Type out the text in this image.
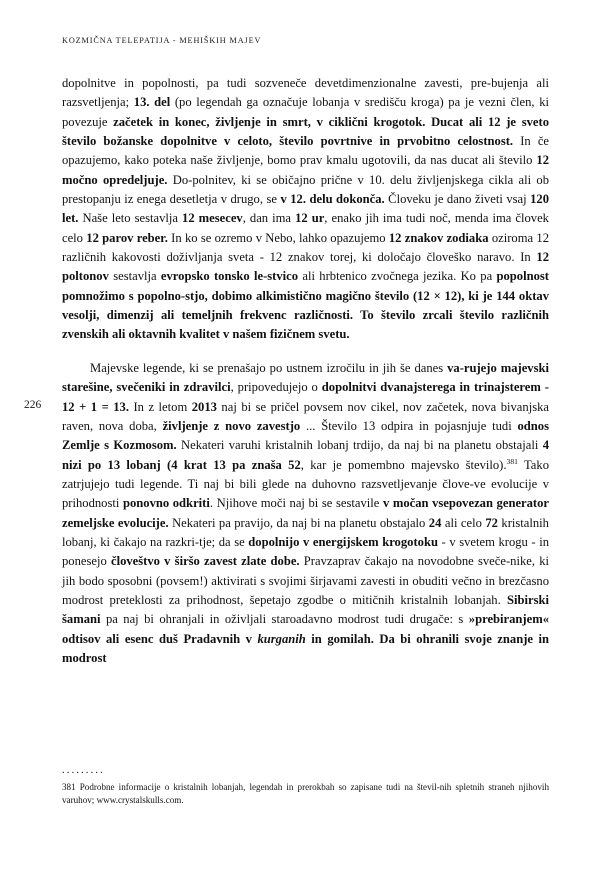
KOZMIČNA TELEPATIJA - MEHIŠKIH MAJEV
226

dopolnitve in popolnosti, pa tudi sozveneče devetdimenzionalne zavesti, pre-bujenja ali razsvetljenja; 13. del (po legendah ga označuje lobanja v središču kroga) pa je vezni člen, ki povezuje začetek in konec, življenje in smrt, v ciklični krogotok. Ducat ali 12 je sveto število božanske dopolnitve v celoto, število povrtnive in prvobitno celostnost. In če opazujemo, kako poteka naše življenje, bomo prav kmalu ugotovili, da nas ducat ali število 12 močno opredeljuje. Do-polnitev, ki se običajno prične v 10. delu življenjskega cikla ali ob prestopanju iz enega desetletja v drugo, se v 12. delu dokonča. Človeku je dano živeti vsaj 120 let. Naše leto sestavlja 12 mesecev, dan ima 12 ur, enako jih ima tudi noč, menda ima človek celo 12 parov reber. In ko se ozremo v Nebo, lahko opazujemo 12 znakov zodiaka oziroma 12 različnih kakovosti doživljanja sveta - 12 znakov torej, ki določajo človeško naravo. In 12 poltonov sestavlja evropsko tonsko le-stvico ali hrbtenico zvočnega jezika. Ko pa popolnost pomnožimo s popolno-stjo, dobimo alkimistično magično število (12 × 12), ki je 144 oktav vesolji, dimenzij ali temeljnih frekvenc različnosti. To število zrcali število različnih zvenskih ali oktavnih kvalitet v našem fizičnem svetu.

Majevske legende, ki se prenašajo po ustnem izročilu in jih še danes va-rujejo majevski starešine, svečeniki in zdravilci, pripovedujejo o dopolnitvi dvanajsterega in trinajsterem - 12 + 1 = 13. In z letom 2013 naj bi se pričel povsem nov cikel, nov začetek, nova bivanjska raven, nova doba, življenje z novo zavestjo ... Število 13 odpira in pojasnjuje tudi odnos Zemlje s Kozmosom. Nekateri varuhi kristalnih lobanj trdijo, da naj bi na planetu obstajali 4 nizi po 13 lobanj (4 krat 13 pa znaša 52, kar je pomembno majevsko število).$^{381}$ Tako zatrjujejo tudi legende. Ti naj bi bili glede na duhovno razsvetljevanje člove-ve evolucije v prihodnosti ponovno odkriti. Njihove moči naj bi se sestavile v močan vsepovezan generator zemeljske evolucije. Nekateri pa pravijo, da naj bi na planetu obstajalo 24 ali celo 72 kristalnih lobanj, ki čakajo na razkri-tje; da se dopolnijo v energijskem krogotoku - v svetem krogu - in ponesejo človeštvo v širšo zavest zlate dobe. Pravzaprav čakajo na novodobne sveče-nike, ki jih bodo sposobni (povsem!) aktivirati s svojimi širjavami zavesti in obuditi večno in brezčasno modrost preteklosti za prihodnost, šepetajo zgodbe o mitičnih kristalnih lobanjah. Sibirski šamani pa naj bi ohranjali in oživljali staroadavno modrost tudi drugače: s »prebiranjem« odtisov ali esenc duš Pradavnih v kurganih in gomilah. Da bi ohranili svoje znanje in modrost

.........
381 Podrobne informacije o kristalnih lobanjah, legendah in prerokbah so zapisane tudi na števil-nih spletnih straneh njihovih varuhov; www.crystalskulls.com.
